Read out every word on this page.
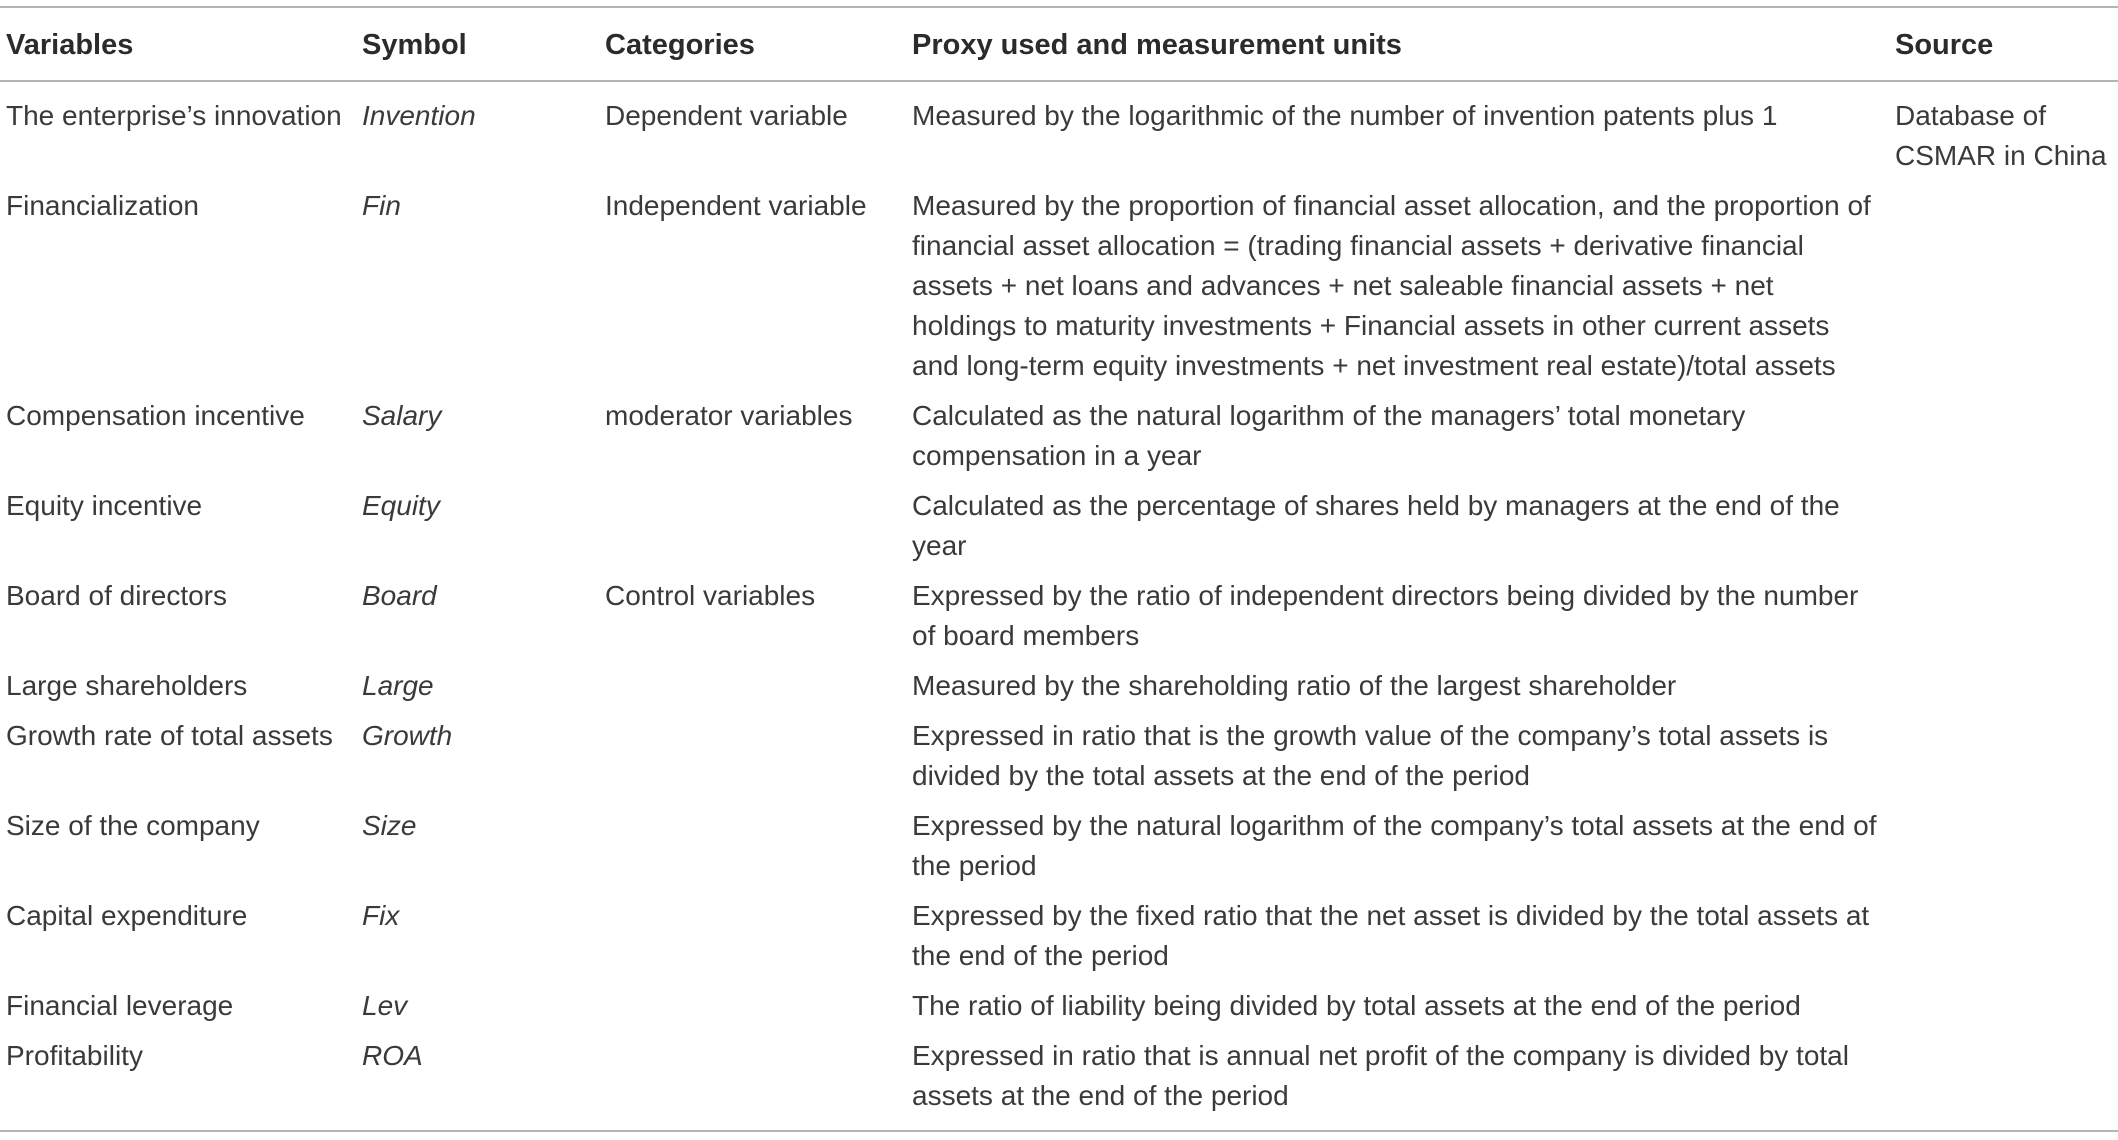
Variables	Symbol	Categories	Proxy used and measurement units	Source
The enterprise’s innovation	Invention	Dependent variable	Measured by the logarithmic of the number of invention patents plus 1	Database of CSMAR in China
Financialization	Fin	Independent variable	Measured by the proportion of financial asset allocation, and the proportion of financial asset allocation = (trading financial assets + derivative financial assets + net loans and advances + net saleable financial assets + net holdings to maturity investments + Financial assets in other current assets and long-term equity investments + net investment real estate)/total assets	
Compensation incentive	Salary	moderator variables	Calculated as the natural logarithm of the managers’ total monetary compensation in a year	
Equity incentive	Equity		Calculated as the percentage of shares held by managers at the end of the year	
Board of directors	Board	Control variables	Expressed by the ratio of independent directors being divided by the number of board members	
Large shareholders	Large		Measured by the shareholding ratio of the largest shareholder	
Growth rate of total assets	Growth		Expressed in ratio that is the growth value of the company’s total assets is divided by the total assets at the end of the period	
Size of the company	Size		Expressed by the natural logarithm of the company’s total assets at the end of the period	
Capital expenditure	Fix		Expressed by the fixed ratio that the net asset is divided by the total assets at the end of the period	
Financial leverage	Lev		The ratio of liability being divided by total assets at the end of the period	
Profitability	ROA		Expressed in ratio that is annual net profit of the company is divided by total assets at the end of the period	
